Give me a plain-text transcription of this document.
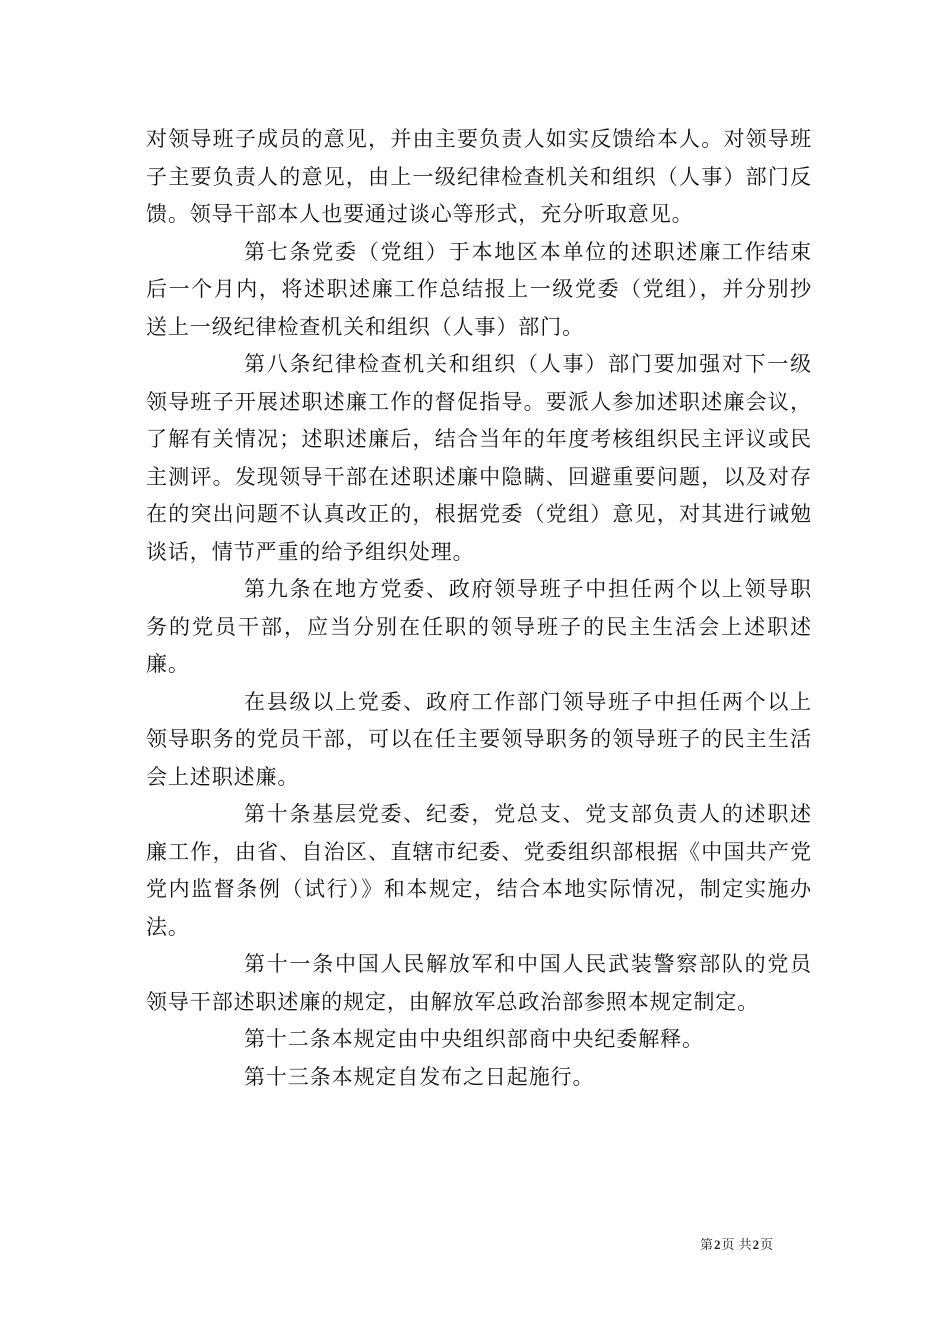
对领导班子成员的意见，并由主要负责人如实反馈给本人。对领导班子主要负责人的意见，由上一级纪律检查机关和组织（人事）部门反馈。领导干部本人也要通过谈心等形式，充分听取意见。

第七条党委（党组）于本地区本单位的述职述廉工作结束后一个月内，将述职述廉工作总结报上一级党委（党组），并分别抄送上一级纪律检查机关和组织（人事）部门。

第八条纪律检查机关和组织（人事）部门要加强对下一级领导班子开展述职述廉工作的督促指导。要派人参加述职述廉会议，了解有关情况；述职述廉后，结合当年的年度考核组织民主评议或民主测评。发现领导干部在述职述廉中隐瞒、回避重要问题，以及对存在的突出问题不认真改正的，根据党委（党组）意见，对其进行诫勉谈话，情节严重的给予组织处理。

第九条在地方党委、政府领导班子中担任两个以上领导职务的党员干部，应当分别在任职的领导班子的民主生活会上述职述廉。

在县级以上党委、政府工作部门领导班子中担任两个以上领导职务的党员干部，可以在任主要领导职务的领导班子的民主生活会上述职述廉。

第十条基层党委、纪委，党总支、党支部负责人的述职述廉工作，由省、自治区、直辖市纪委、党委组织部根据《中国共产党党内监督条例（试行）》和本规定，结合本地实际情况，制定实施办法。

第十一条中国人民解放军和中国人民武装警察部队的党员领导干部述职述廉的规定，由解放军总政治部参照本规定制定。

第十二条本规定由中央组织部商中央纪委解释。

第十三条本规定自发布之日起施行。

第2页 共2页
